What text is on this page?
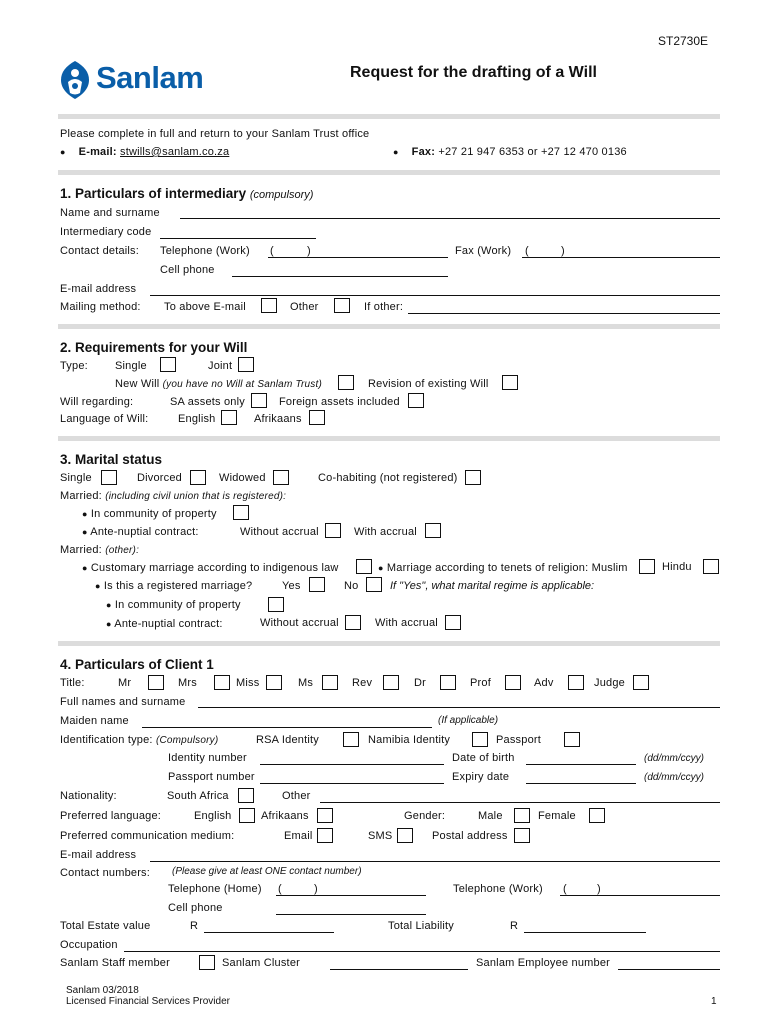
ST2730E
Sanlam	Request for the drafting of a Will
Please complete in full and return to your Sanlam Trust office
● E-mail: stwills@sanlam.co.za	● Fax: +27 21 947 6353 or +27 12 470 0136
1. Particulars of intermediary (compulsory)
Name and surname
Intermediary code
Contact details: Telephone (Work) (	)	Fax (Work) (	)
Cell phone
E-mail address
Mailing method: To above E-mail	Other	If other:
2. Requirements for your Will
Type: Single	Joint
New Will (you have no Will at Sanlam Trust)	Revision of existing Will
Will regarding:	SA assets only	Foreign assets included
Language of Will:	English	Afrikaans
3. Marital status
Single	Divorced	Widowed	Co-habiting (not registered)
Married: (including civil union that is registered):
● In community of property
● Ante-nuptial contract:	Without accrual	With accrual
Married: (other):
● Customary marriage according to indigenous law	● Marriage according to tenets of religion: Muslim	Hindu
● Is this a registered marriage?	Yes	No	If "Yes", what marital regime is applicable:
● In community of property
● Ante-nuptial contract:	Without accrual	With accrual
4. Particulars of Client 1
Title:	Mr	Mrs	Miss	Ms	Rev	Dr	Prof	Adv	Judge
Full names and surname
Maiden name	(If applicable)
Identification type: (Compulsory)	RSA Identity	Namibia Identity	Passport
Identity number	Date of birth	(dd/mm/ccyy)
Passport number	Expiry date	(dd/mm/ccyy)
Nationality:	South Africa	Other
Preferred language:	English	Afrikaans	Gender:	Male	Female
Preferred communication medium:	Email	SMS	Postal address
E-mail address
Contact numbers: (Please give at least ONE contact number)
Telephone (Home) (	)	Telephone (Work) (	)
Cell phone
Total Estate value	R	Total Liability	R
Occupation
Sanlam Staff member	Sanlam Cluster	Sanlam Employee number
Sanlam 03/2018
Licensed Financial Services Provider	1
